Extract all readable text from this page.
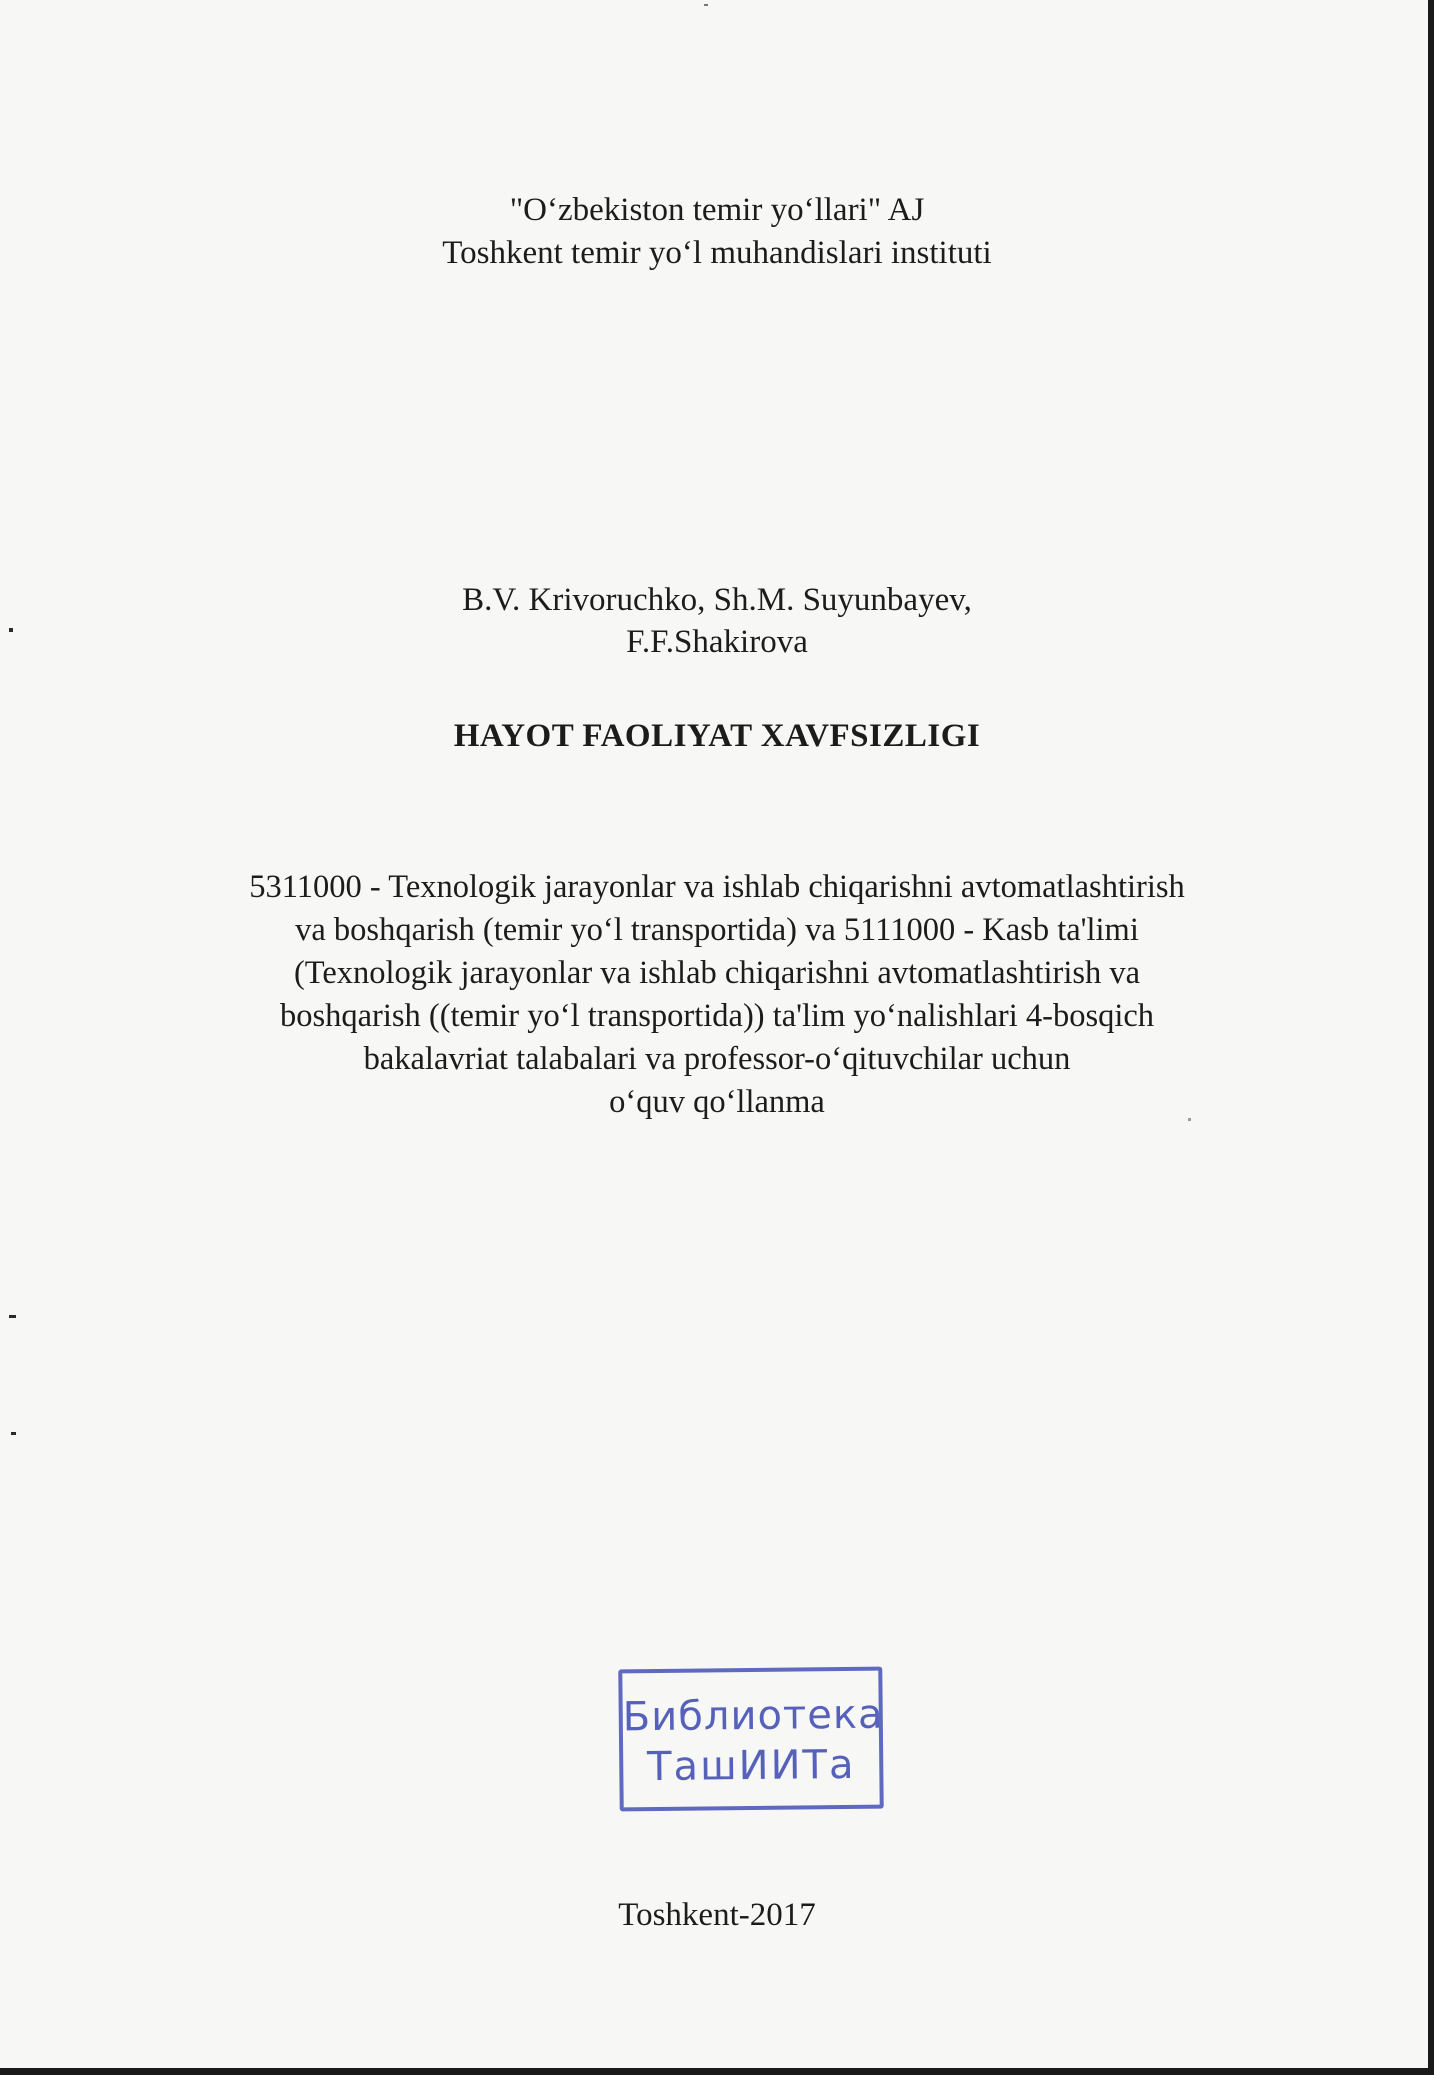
"O‘zbekiston temir yo‘llari" AJ
Toshkent temir yo‘l muhandislari instituti
B.V. Krivoruchko, Sh.M. Suyunbayev,
F.F.Shakirova
HAYOT FAOLIYAT XAVFSIZLIGI
5311000 - Texnologik jarayonlar va ishlab chiqarishni avtomatlashtirish
va boshqarish (temir yo‘l transportida) va 5111000 - Kasb ta'limi
(Texnologik jarayonlar va ishlab chiqarishni avtomatlashtirish va
boshqarish ((temir yo‘l transportida)) ta'lim yo‘nalishlari 4-bosqich
bakalavriat talabalari va professor-o‘qituvchilar uchun
o‘quv qo‘llanma
Библиотека
ТашИИТа
Toshkent-2017
